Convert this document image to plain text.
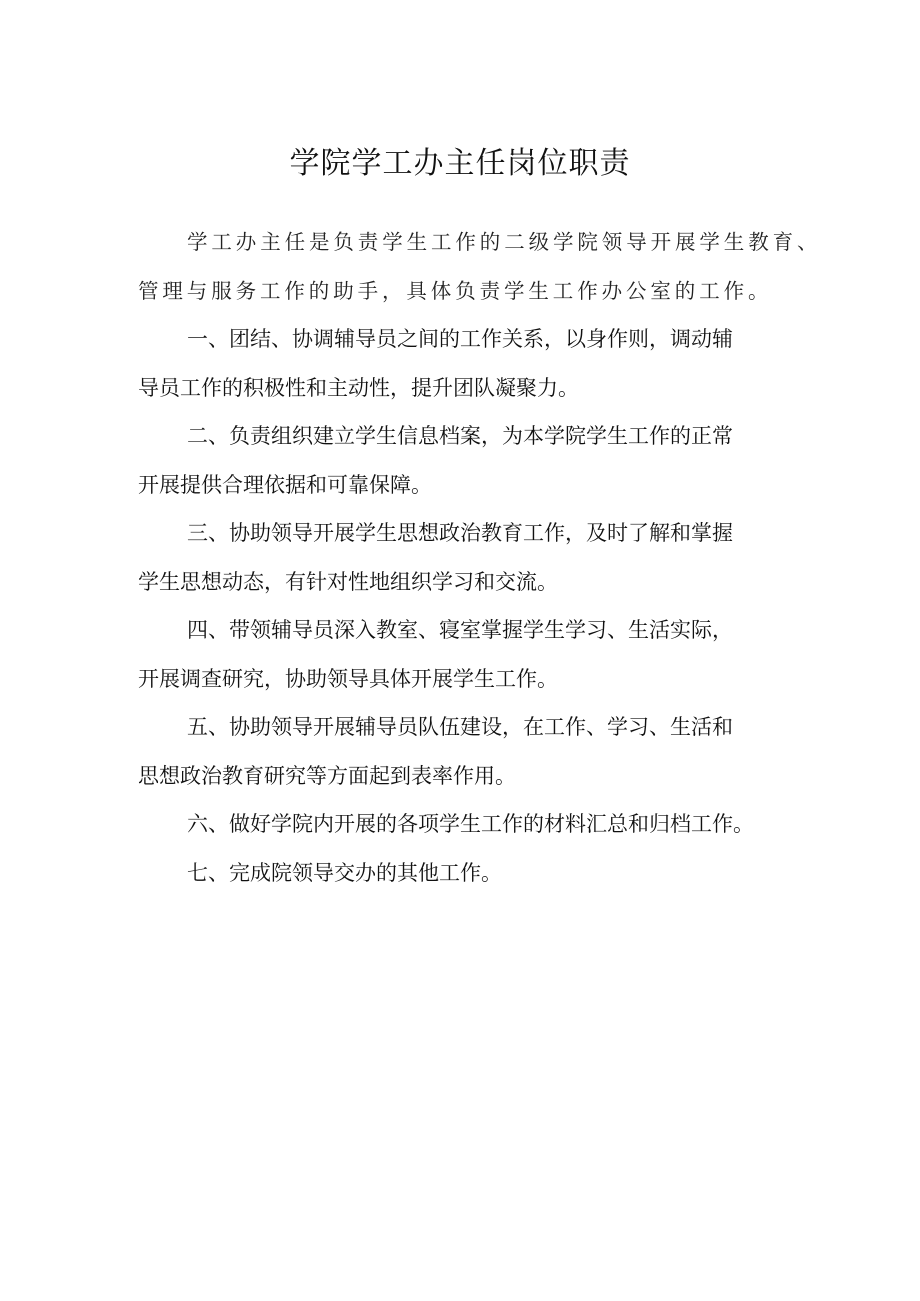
学院学工办主任岗位职责

学工办主任是负责学生工作的二级学院领导开展学生教育、
管理与服务工作的助手，具体负责学生工作办公室的工作。

一、团结、协调辅导员之间的工作关系，以身作则，调动辅
导员工作的积极性和主动性，提升团队凝聚力。

二、负责组织建立学生信息档案，为本学院学生工作的正常
开展提供合理依据和可靠保障。

三、协助领导开展学生思想政治教育工作，及时了解和掌握
学生思想动态，有针对性地组织学习和交流。

四、带领辅导员深入教室、寝室掌握学生学习、生活实际，
开展调查研究，协助领导具体开展学生工作。

五、协助领导开展辅导员队伍建设，在工作、学习、生活和
思想政治教育研究等方面起到表率作用。

六、做好学院内开展的各项学生工作的材料汇总和归档工作。

七、完成院领导交办的其他工作。
